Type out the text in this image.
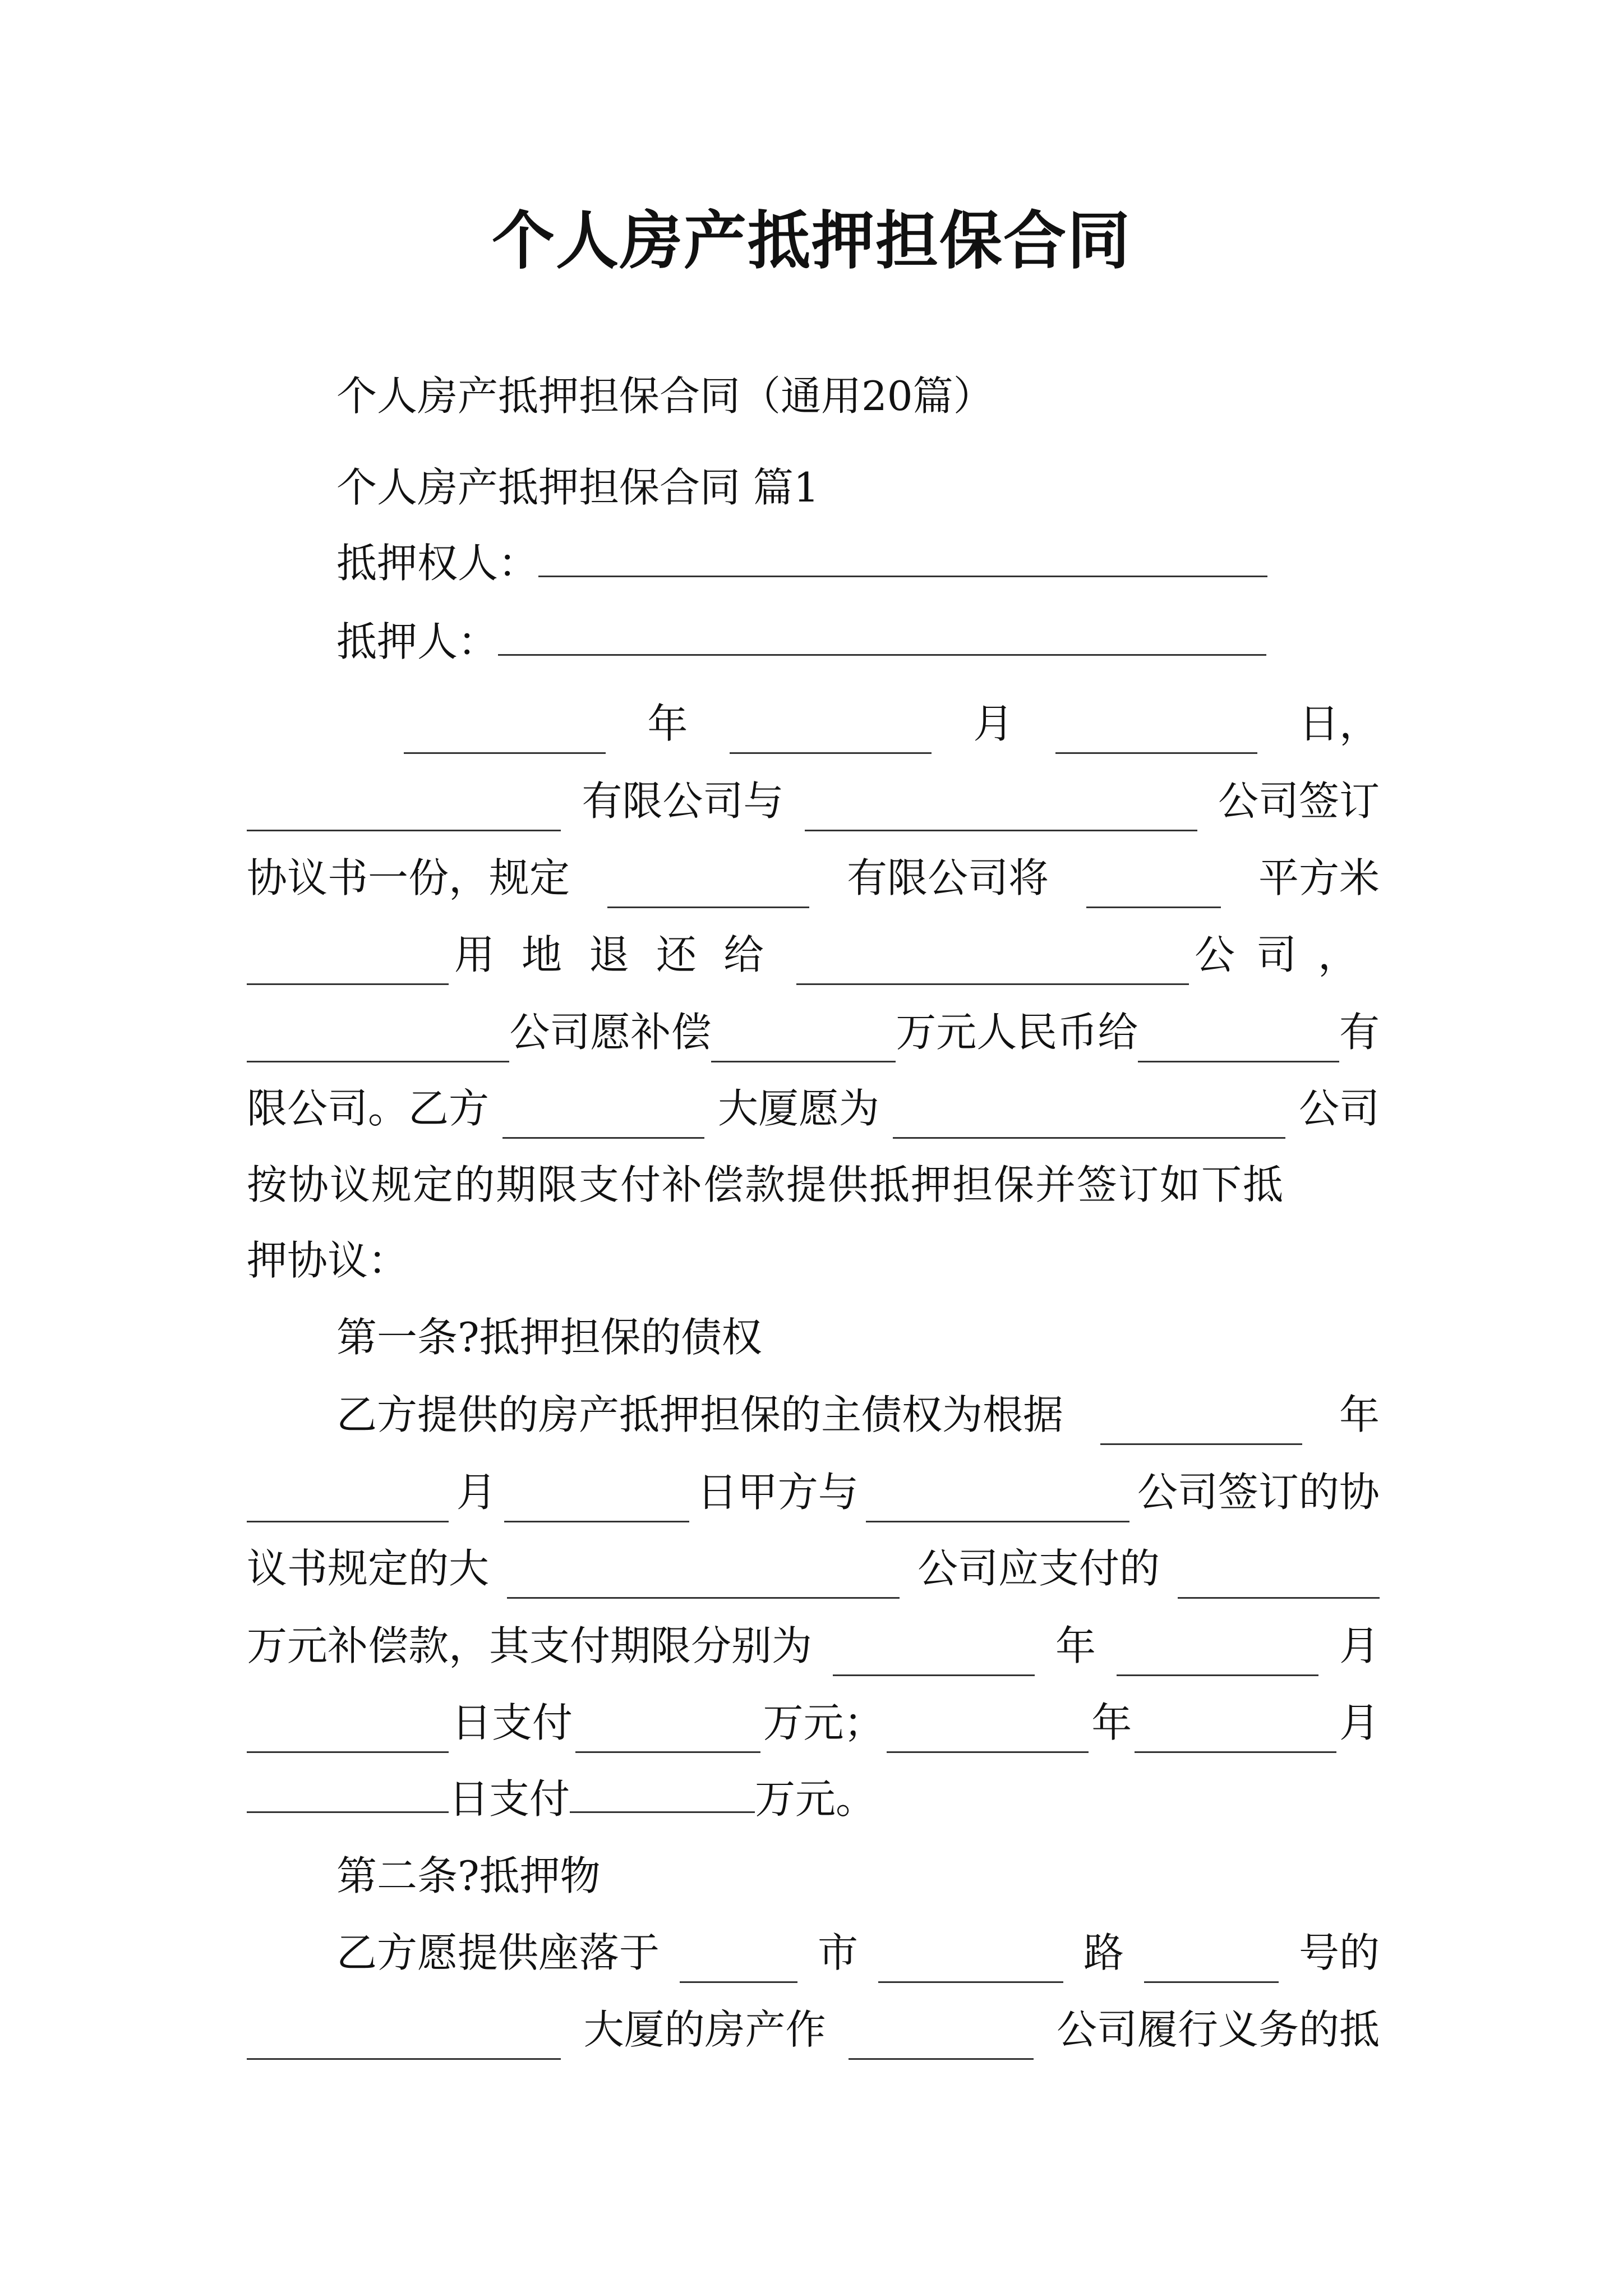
个人房产抵押担保合同
个人房产抵押担保合同（通用20篇）
个人房产抵押担保合同 篇1
抵押权人：
抵押人：
年	月	日，
有限公司与	公司签订
协议书一份，规定	有限公司将	平方米
用地退还给	公司，
公司愿补偿	万元人民币给	有
限公司。乙方	大厦愿为	公司
按协议规定的期限支付补偿款提供抵押担保并签订如下抵
押协议：
第一条?抵押担保的债权
乙方提供的房产抵押担保的主债权为根据	年
月	日甲方与	公司签订的协
议书规定的大	公司应支付的
万元补偿款，其支付期限分别为	年	月
日支付	万元；	年	月
日支付	万元。
第二条?抵押物
乙方愿提供座落于	市	路	号的
大厦的房产作	公司履行义务的抵
